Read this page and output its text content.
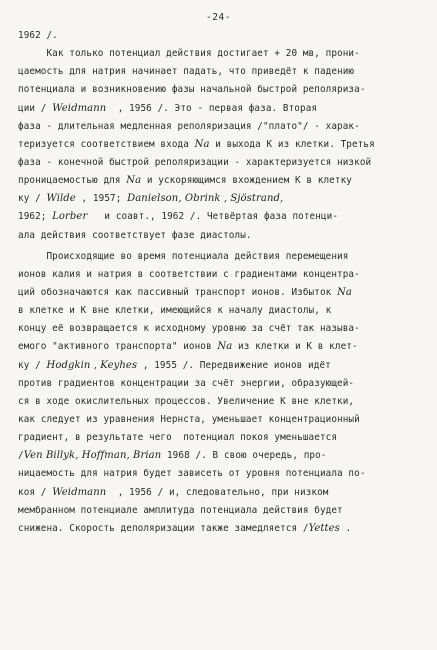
-24-
1962 /.
Как только потенциал действия достигает + 20 мв, прони-
цаемость для натрия начинает падать, что приведёт к падению
потенциала и возникновению фазы начальной быстрой реполяриза-
ции / Weidmann  , 1956 /. Это - первая фаза. Вторая
фаза - длительная медленная реполяризация /"плато"/ - харак-
теризуется соответствием входа Na и выхода K из клетки. Третья
фаза - конечной быстрой реполяризации - характеризуется низкой
проницаемостью для Na и ускоряющимся вхождением K в клетку
ку / Wilde , 1957; Danielson, Obrink , Sjöstrand,
1962; Lorber   и соавт., 1962 /. Четвёртая фаза потенци-
ала действия соответствует фазе диастолы.
Происходящие во время потенциала действия перемещения
ионов калия и натрия в соответствии с градиентами концентра-
ций обозначаются как пассивный транспорт ионов. Избыток Na
в клетке и K вне клетки, имеющийся к началу диастолы, к
концу её возвращается к исходному уровню за счёт так называ-
емого "активного транспорта" ионов Na из клетки и K в клет-
ку / Hodgkin , Keyhes , 1955 /. Передвижение ионов идёт
против градиентов концентрации за счёт энергии, образующей-
ся в ходе окислительных процессов. Увеличение K вне клетки,
как следует из уравнения Нернста, уменьшает концентрационный
градиент, в результате чего  потенциал покоя уменьшается
/Ven Billyk, Hoffman, Brian 1968 /. В свою очередь, про-
ницаемость для натрия будет зависеть от уровня потенциала по-
коя / Weidmann  , 1956 / и, следовательно, при низком
мембранном потенциале амплитуда потенциала действия будет
снижена. Скорость деполяризации также замедляется /Yettes .
